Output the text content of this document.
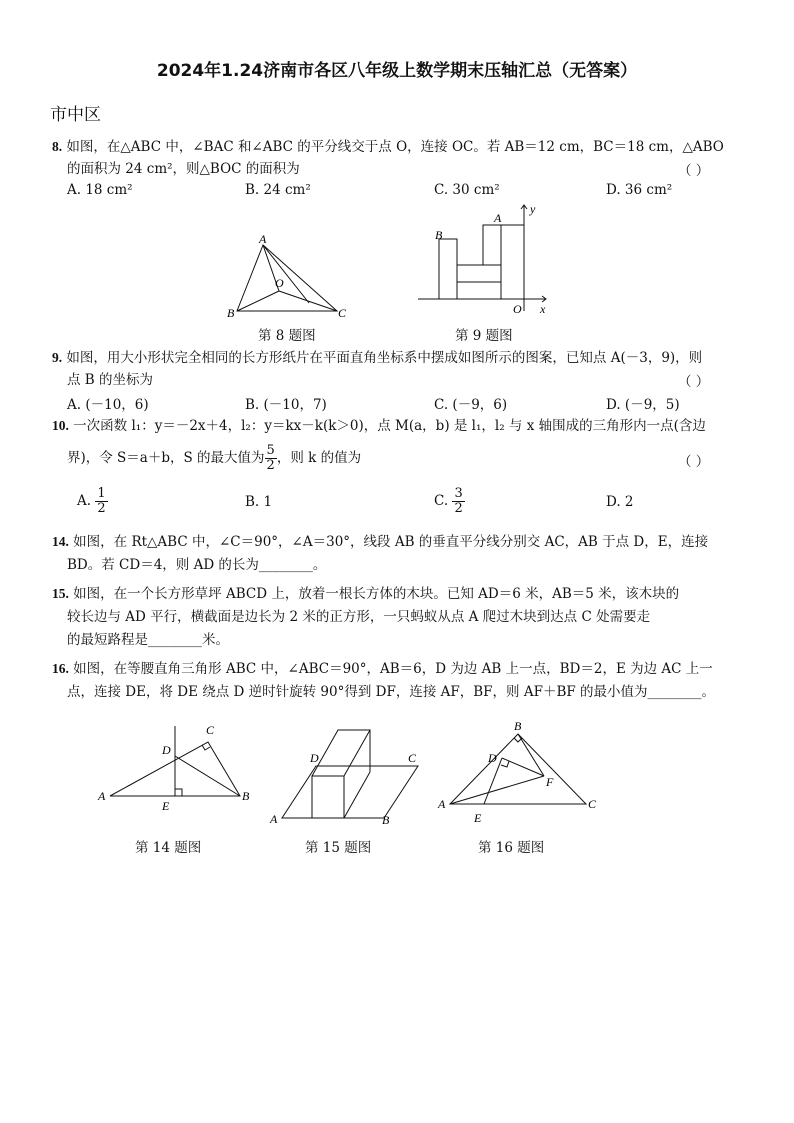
2024年1.24济南市各区八年级上数学期末压轴汇总（无答案）
市中区
8. 如图，在△ABC 中，∠BAC 和∠ABC 的平分线交于点 O，连接 OC。若 AB＝12 cm，BC＝18 cm，△ABO
的面积为 24 cm²，则△BOC 的面积为	（ ）
A. 18 cm²	B. 24 cm²	C. 30 cm²	D. 36 cm²
A
B	C
O
第 8 题图
B
A
O x
y
第 9 题图
9. 如图，用大小形状完全相同的长方形纸片在平面直角坐标系中摆成如图所示的图案，已知点 A(－3，9)，则
点 B 的坐标为	（ ）
A. (－10，6)	B. (－10，7)	C. (－9，6)	D. (－9，5)
10. 一次函数 l₁：y＝－2x＋4，l₂：y＝kx－k(k＞0)，点 M(a，b) 是 l₁，l₂ 与 x 轴围成的三角形内一点(含边
界)，令 S＝a＋b，S 的最大值为 $\frac{5}{2}$ ，则 k 的值为	（ ）
A. $\frac{1}{2}$	B. 1	C. $\frac{3}{2}$	D. 2
14. 如图，在 Rt△ABC 中，∠C＝90°，∠A＝30°，线段 AB 的垂直平分线分别交 AC，AB 于点 D，E，连接
BD。若 CD＝4，则 AD 的长为________。
15. 如图，在一个长方形草坪 ABCD 上，放着一根长方体的木块。已知 AD＝6 米，AB＝5 米，该木块的
较长边与 AD 平行，横截面是边长为 2 米的正方形，一只蚂蚁从点 A 爬过木块到达点 C 处需要走
的最短路程是________米。
16. 如图，在等腰直角三角形 ABC 中，∠ABC＝90°，AB＝6，D 为边 AB 上一点，BD＝2，E 为边 AC 上一
点，连接 DE，将 DE 绕点 D 逆时针旋转 90°得到 DF，连接 AF，BF，则 AF＋BF 的最小值为________。
A	B
C
D
E
第 14 题图
A	B
C
D
第 15 题图
B
A	C
D
E
F
第 16 题图
